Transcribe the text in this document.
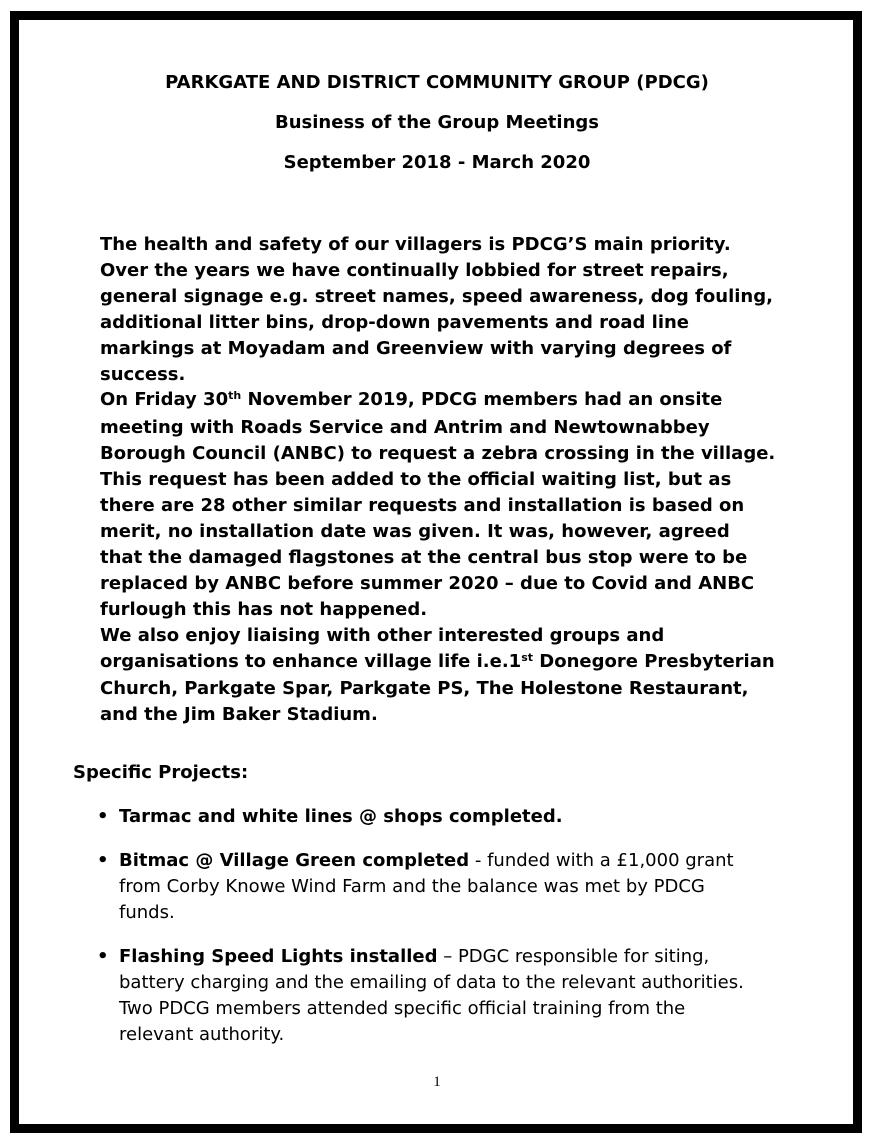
PARKGATE AND DISTRICT COMMUNITY GROUP (PDCG)
Business of the Group Meetings
September 2018 - March 2020
The health and safety of our villagers is PDCG’S main priority.
Over the years we have continually lobbied for street repairs,
general signage e.g. street names, speed awareness, dog fouling,
additional litter bins, drop-down pavements and road line
markings at Moyadam and Greenview with varying degrees of
success.
On Friday 30th November 2019, PDCG members had an onsite
meeting with Roads Service and Antrim and Newtownabbey
Borough Council (ANBC) to request a zebra crossing in the village.
This request has been added to the official waiting list, but as
there are 28 other similar requests and installation is based on
merit, no installation date was given. It was, however, agreed
that the damaged flagstones at the central bus stop were to be
replaced by ANBC before summer 2020 – due to Covid and ANBC
furlough this has not happened.
We also enjoy liaising with other interested groups and
organisations to enhance village life i.e.1st Donegore Presbyterian
Church, Parkgate Spar, Parkgate PS, The Holestone Restaurant,
and the Jim Baker Stadium.
Specific Projects:
• Tarmac and white lines @ shops completed.
• Bitmac @ Village Green completed - funded with a £1,000 grant
from Corby Knowe Wind Farm and the balance was met by PDCG
funds.
• Flashing Speed Lights installed – PDGC responsible for siting,
battery charging and the emailing of data to the relevant authorities.
Two PDCG members attended specific official training from the
relevant authority.
1
